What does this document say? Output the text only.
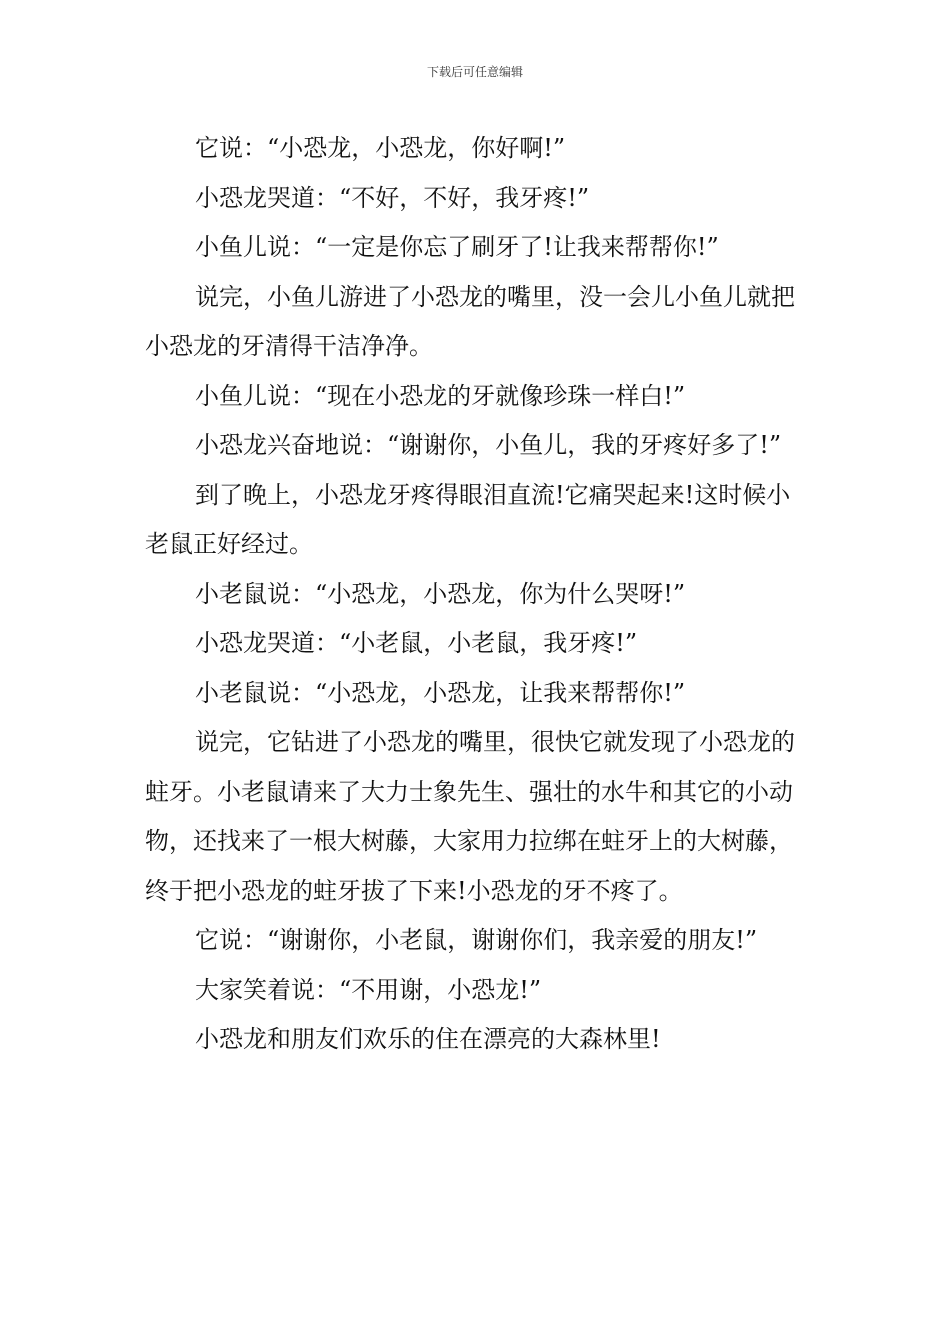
下载后可任意编辑

它说：“小恐龙，小恐龙，你好啊!”

小恐龙哭道：“不好，不好，我牙疼!”

小鱼儿说：“一定是你忘了刷牙了!让我来帮帮你!”

说完，小鱼儿游进了小恐龙的嘴里，没一会儿小鱼儿就把小恐龙的牙清得干洁净净。

小鱼儿说：“现在小恐龙的牙就像珍珠一样白!”

小恐龙兴奋地说：“谢谢你，小鱼儿，我的牙疼好多了!”

到了晚上，小恐龙牙疼得眼泪直流!它痛哭起来!这时候小老鼠正好经过。

小老鼠说：“小恐龙，小恐龙，你为什么哭呀!”

小恐龙哭道：“小老鼠，小老鼠，我牙疼!”

小老鼠说：“小恐龙，小恐龙，让我来帮帮你!”

说完，它钻进了小恐龙的嘴里，很快它就发现了小恐龙的蛀牙。小老鼠请来了大力士象先生、强壮的水牛和其它的小动物，还找来了一根大树藤，大家用力拉绑在蛀牙上的大树藤，终于把小恐龙的蛀牙拔了下来!小恐龙的牙不疼了。

它说：“谢谢你，小老鼠，谢谢你们，我亲爱的朋友!”

大家笑着说：“不用谢，小恐龙!”

小恐龙和朋友们欢乐的住在漂亮的大森林里!
